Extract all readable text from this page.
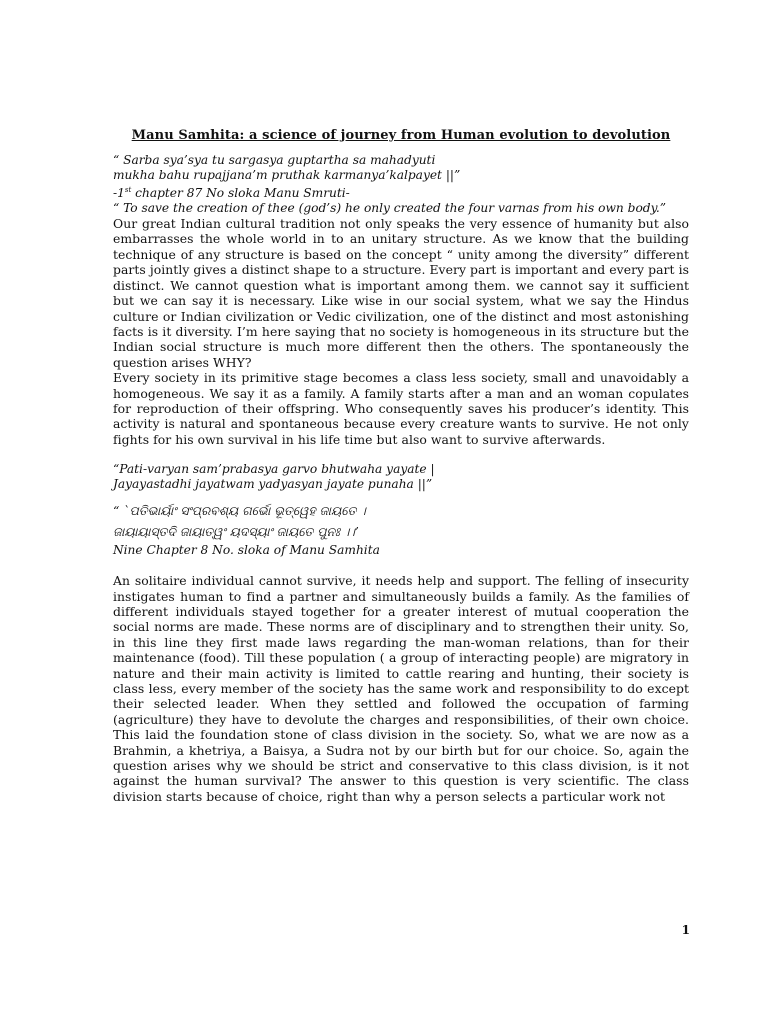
Manu Samhita: a science of journey from Human evolution to devolution

“ Sarba sya’sya tu sargasya guptartha sa mahadyuti

mukha bahu rupajjana’m pruthak karmanya’kalpayet ||”

-1st chapter 87 No sloka Manu Smruti-

“ To save the creation of thee (god’s) he only created the four varnas from his own body.”

Our great Indian cultural tradition not only speaks the very essence of humanity but also embarrasses the whole world in to an unitary structure. As we know that the building technique of any structure is based on the concept “ unity among the diversity” different parts jointly gives a distinct shape to a structure. Every part is important and every part is distinct. We cannot question what is important among them. we cannot say it sufficient but we can say it is necessary. Like wise in our social system, what we say the Hindus culture or Indian civilization or Vedic civilization, one of the distinct and most astonishing facts is it diversity. I’m here saying that no society is homogeneous in its structure but the Indian social structure is much more different then the others. The spontaneously the question arises WHY?

Every society in its primitive stage becomes a class less society, small and unavoidably a homogeneous. We say it as a family. A family starts after a man and an woman copulates for reproduction of their offspring. Who consequently saves his producer’s identity. This activity is natural and spontaneous because every creature wants to survive. He not only fights for his own survival in his life time but also want to survive afterwards.

“Pati-varyan sam’prabasya garvo bhutwaha yayate |

Jayayastadhi jayatwam yadyasyan jayate punaha ||”

“ `ପତିଭାର୍ୟାଂ ସଂପ୍ରବଶ୍ୟ ଗର୍ଭୋ ଭୂତ୍ୱେହ ଜାୟତେ ।

ଜାୟାୟାସ୍ତଦି ଜାୟାତ୍ୱଂ ୟଦସ୍ୟାଂ ଜାୟତେ ପୁନଃ ।।’

Nine Chapter 8 No. sloka of Manu Samhita

An solitaire individual cannot survive, it needs help and support. The felling of insecurity instigates human to find a partner and simultaneously builds a family. As the families of different individuals stayed together for a greater interest of mutual cooperation the social norms are made. These norms are of disciplinary and to strengthen their unity. So, in this line they first made laws regarding the man-woman relations, than for their maintenance (food). Till these population ( a group of interacting people) are migratory in nature and their main activity is limited to cattle rearing and hunting, their society is class less, every member of the society has the same work and responsibility to do except their selected leader. When they settled and followed the occupation of farming (agriculture) they have to devolute the charges and responsibilities, of their own choice. This laid the foundation stone of class division in the society. So, what we are now as a Brahmin, a khetriya, a Baisya, a Sudra not by our birth but for our choice. So, again the question arises why we should be strict and conservative to this class division, is it not against the human survival? The answer to this question is very scientific. The class division starts because of choice, right than why a person selects a particular work not

1
